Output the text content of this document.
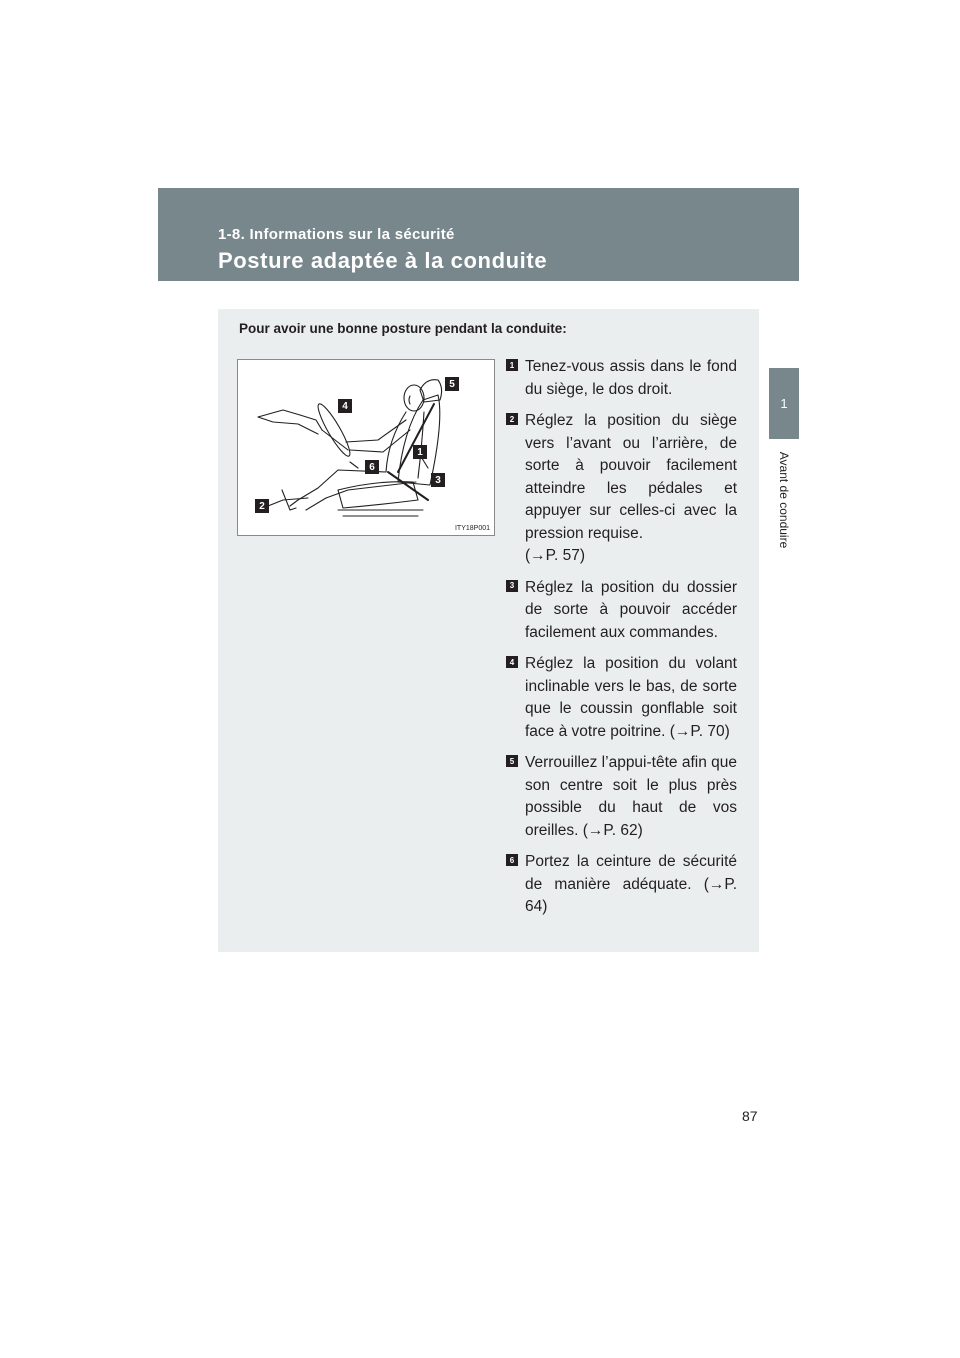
1-8. Informations sur la sécurité
Posture adaptée à la conduite
1
Avant de conduire
Pour avoir une bonne posture pendant la conduite:
5
4
1
6
3
2
ITY18P001
1 Tenez-vous assis dans le fond du siège, le dos droit.

2 Réglez la position du siège vers l’avant ou l’arrière, de sorte à pouvoir facilement atteindre les pédales et appuyer sur celles-ci avec la pression requise.

(→P. 57)

3 Réglez la position du dossier de sorte à pouvoir accéder facilement aux commandes.

4 Réglez la position du volant inclinable vers le bas, de sorte que le coussin gonflable soit face à votre poitrine. (→P. 70)

5 Verrouillez l’appui-tête afin que son centre soit le plus près possible du haut de vos oreilles. (→P. 62)

6 Portez la ceinture de sécurité de manière adéquate. (→P. 64)

87
